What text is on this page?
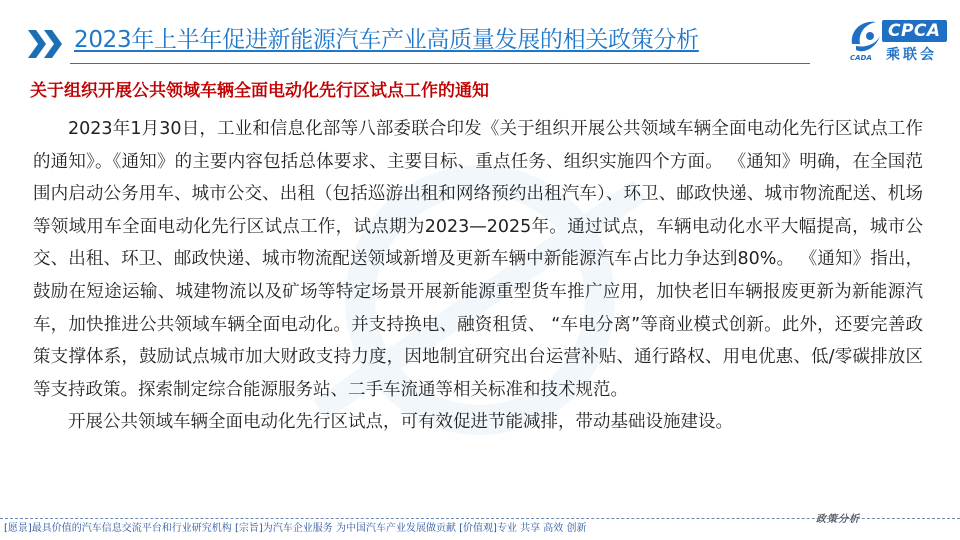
2023年上半年促进新能源汽车产业高质量发展的相关政策分析	CPCA
乘联会
CADA
关于组织开展公共领域车辆全面电动化先行区试点工作的通知

2023年1月30日，工业和信息化部等八部委联合印发《关于组织开展公共领域车辆全面电动化先行区试点工作的通知》。《通知》的主要内容包括总体要求、主要目标、重点任务、组织实施四个方面。 《通知》明确，在全国范围内启动公务用车、城市公交、出租（包括巡游出租和网络预约出租汽车）、环卫、邮政快递、城市物流配送、机场等领域用车全面电动化先行区试点工作，试点期为2023—2025年。通过试点，车辆电动化水平大幅提高，城市公交、出租、环卫、邮政快递、城市物流配送领域新增及更新车辆中新能源汽车占比力争达到80%。 《通知》指出，鼓励在短途运输、城建物流以及矿场等特定场景开展新能源重型货车推广应用，加快老旧车辆报废更新为新能源汽车，加快推进公共领域车辆全面电动化。并支持换电、融资租赁、 “车电分离”等商业模式创新。此外，还要完善政策支撑体系，鼓励试点城市加大财政支持力度，因地制宜研究出台运营补贴、通行路权、用电优惠、低/零碳排放区等支持政策。探索制定综合能源服务站、二手车流通等相关标准和技术规范。

开展公共领域车辆全面电动化先行区试点，可有效促进节能减排，带动基础设施建设。

政策分析
[愿景]最具价值的汽车信息交流平台和行业研究机构 [宗旨]为汽车企业服务 为中国汽车产业发展做贡献 [价值观]专业 共享 高效 创新
